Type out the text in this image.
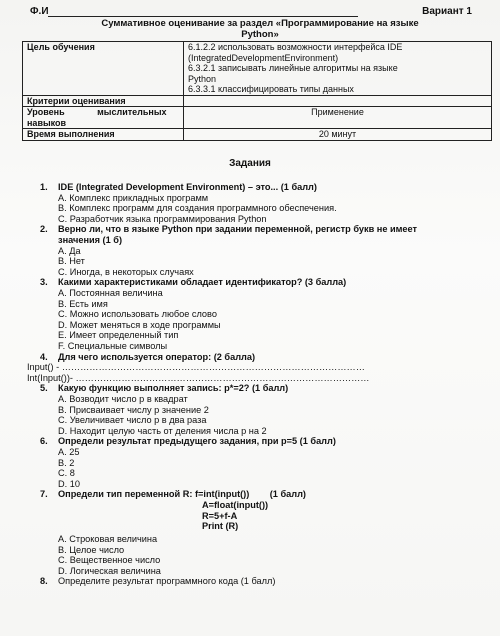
Ф.И	Вариант 1
Суммативное оценивание за раздел «Программирование на языке
Python»
Цель обучения	6.1.2.2 использовать возможности интерфейса IDE
(IntegratedDevelopmentEnvironment)
6.3.2.1 записывать линейные алгоритмы на языке
Python
6.3.3.1 классифицировать типы данных

Критерии оценивания	

Уровень             мыслительных
навыков	Применение
Время выполнения	20 минут
Задания
1.	IDE (Integrated Development Environment) – это... (1 балл)
A. Комплекс прикладных программ
B. Комплекс программ для создания программного обеспечения.
C. Разработчик языка программирования Python
2.	Верно ли, что в языке Python при задании переменной, регистр букв не имеет
значения (1 б)
A. Да
B. Нет
C. Иногда, в некоторых случаях
3.	Какими характеристиками обладает идентификатор? (3 балла)
A. Постоянная величина
B. Есть имя
C. Можно использовать любое слово
D. Может меняться в ходе программы
E. Имеет определенный тип
F. Специальные символы
4.	Для чего используется оператор: (2 балла)
Input() - ………………………………………………………………………………………
Int(Input())- ……………………………………………………………………………………
5.	Какую функцию выполняет запись: p*=2? (1 балл)
A. Возводит число p в квадрат
B. Присваивает числу p значение 2
C. Увеличивает число p в два раза
D. Находит целую часть от деления числа p на 2
6.	Определи результат предыдущего задания, при p=5 (1 балл)
A. 25
B. 2
C. 8
D. 10
7.	Определи тип переменной R: f=int(input())        (1 балл)
A=float(input())
R=5+f-A
Print (R)
A. Строковая величина
B. Целое число
C. Вещественное число
D. Логическая величина
8.	Определите результат программного кода (1 балл)
